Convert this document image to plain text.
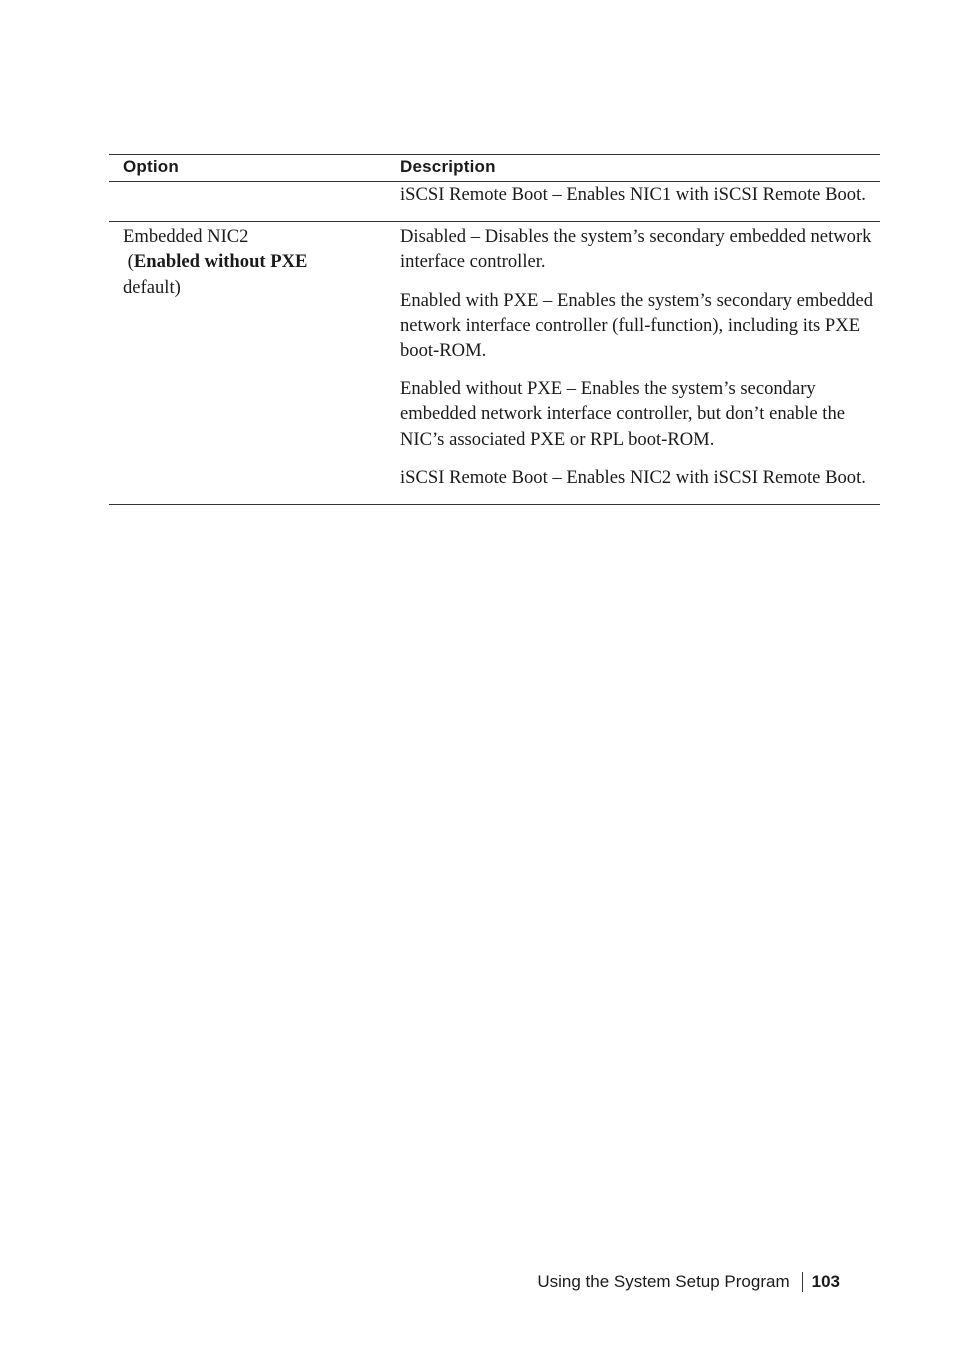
Option	Description

iSCSI Remote Boot – Enables NIC1 with iSCSI Remote Boot.

Embedded NIC2
(Enabled without PXE
default)

Disabled – Disables the system’s secondary embedded network interface controller.

Enabled with PXE – Enables the system’s secondary embedded network interface controller (full-function), including its PXE boot-ROM.

Enabled without PXE – Enables the system’s secondary embedded network interface controller, but don’t enable the NIC’s associated PXE or RPL boot-ROM.

iSCSI Remote Boot – Enables NIC2 with iSCSI Remote Boot.

Using the System Setup Program 103
